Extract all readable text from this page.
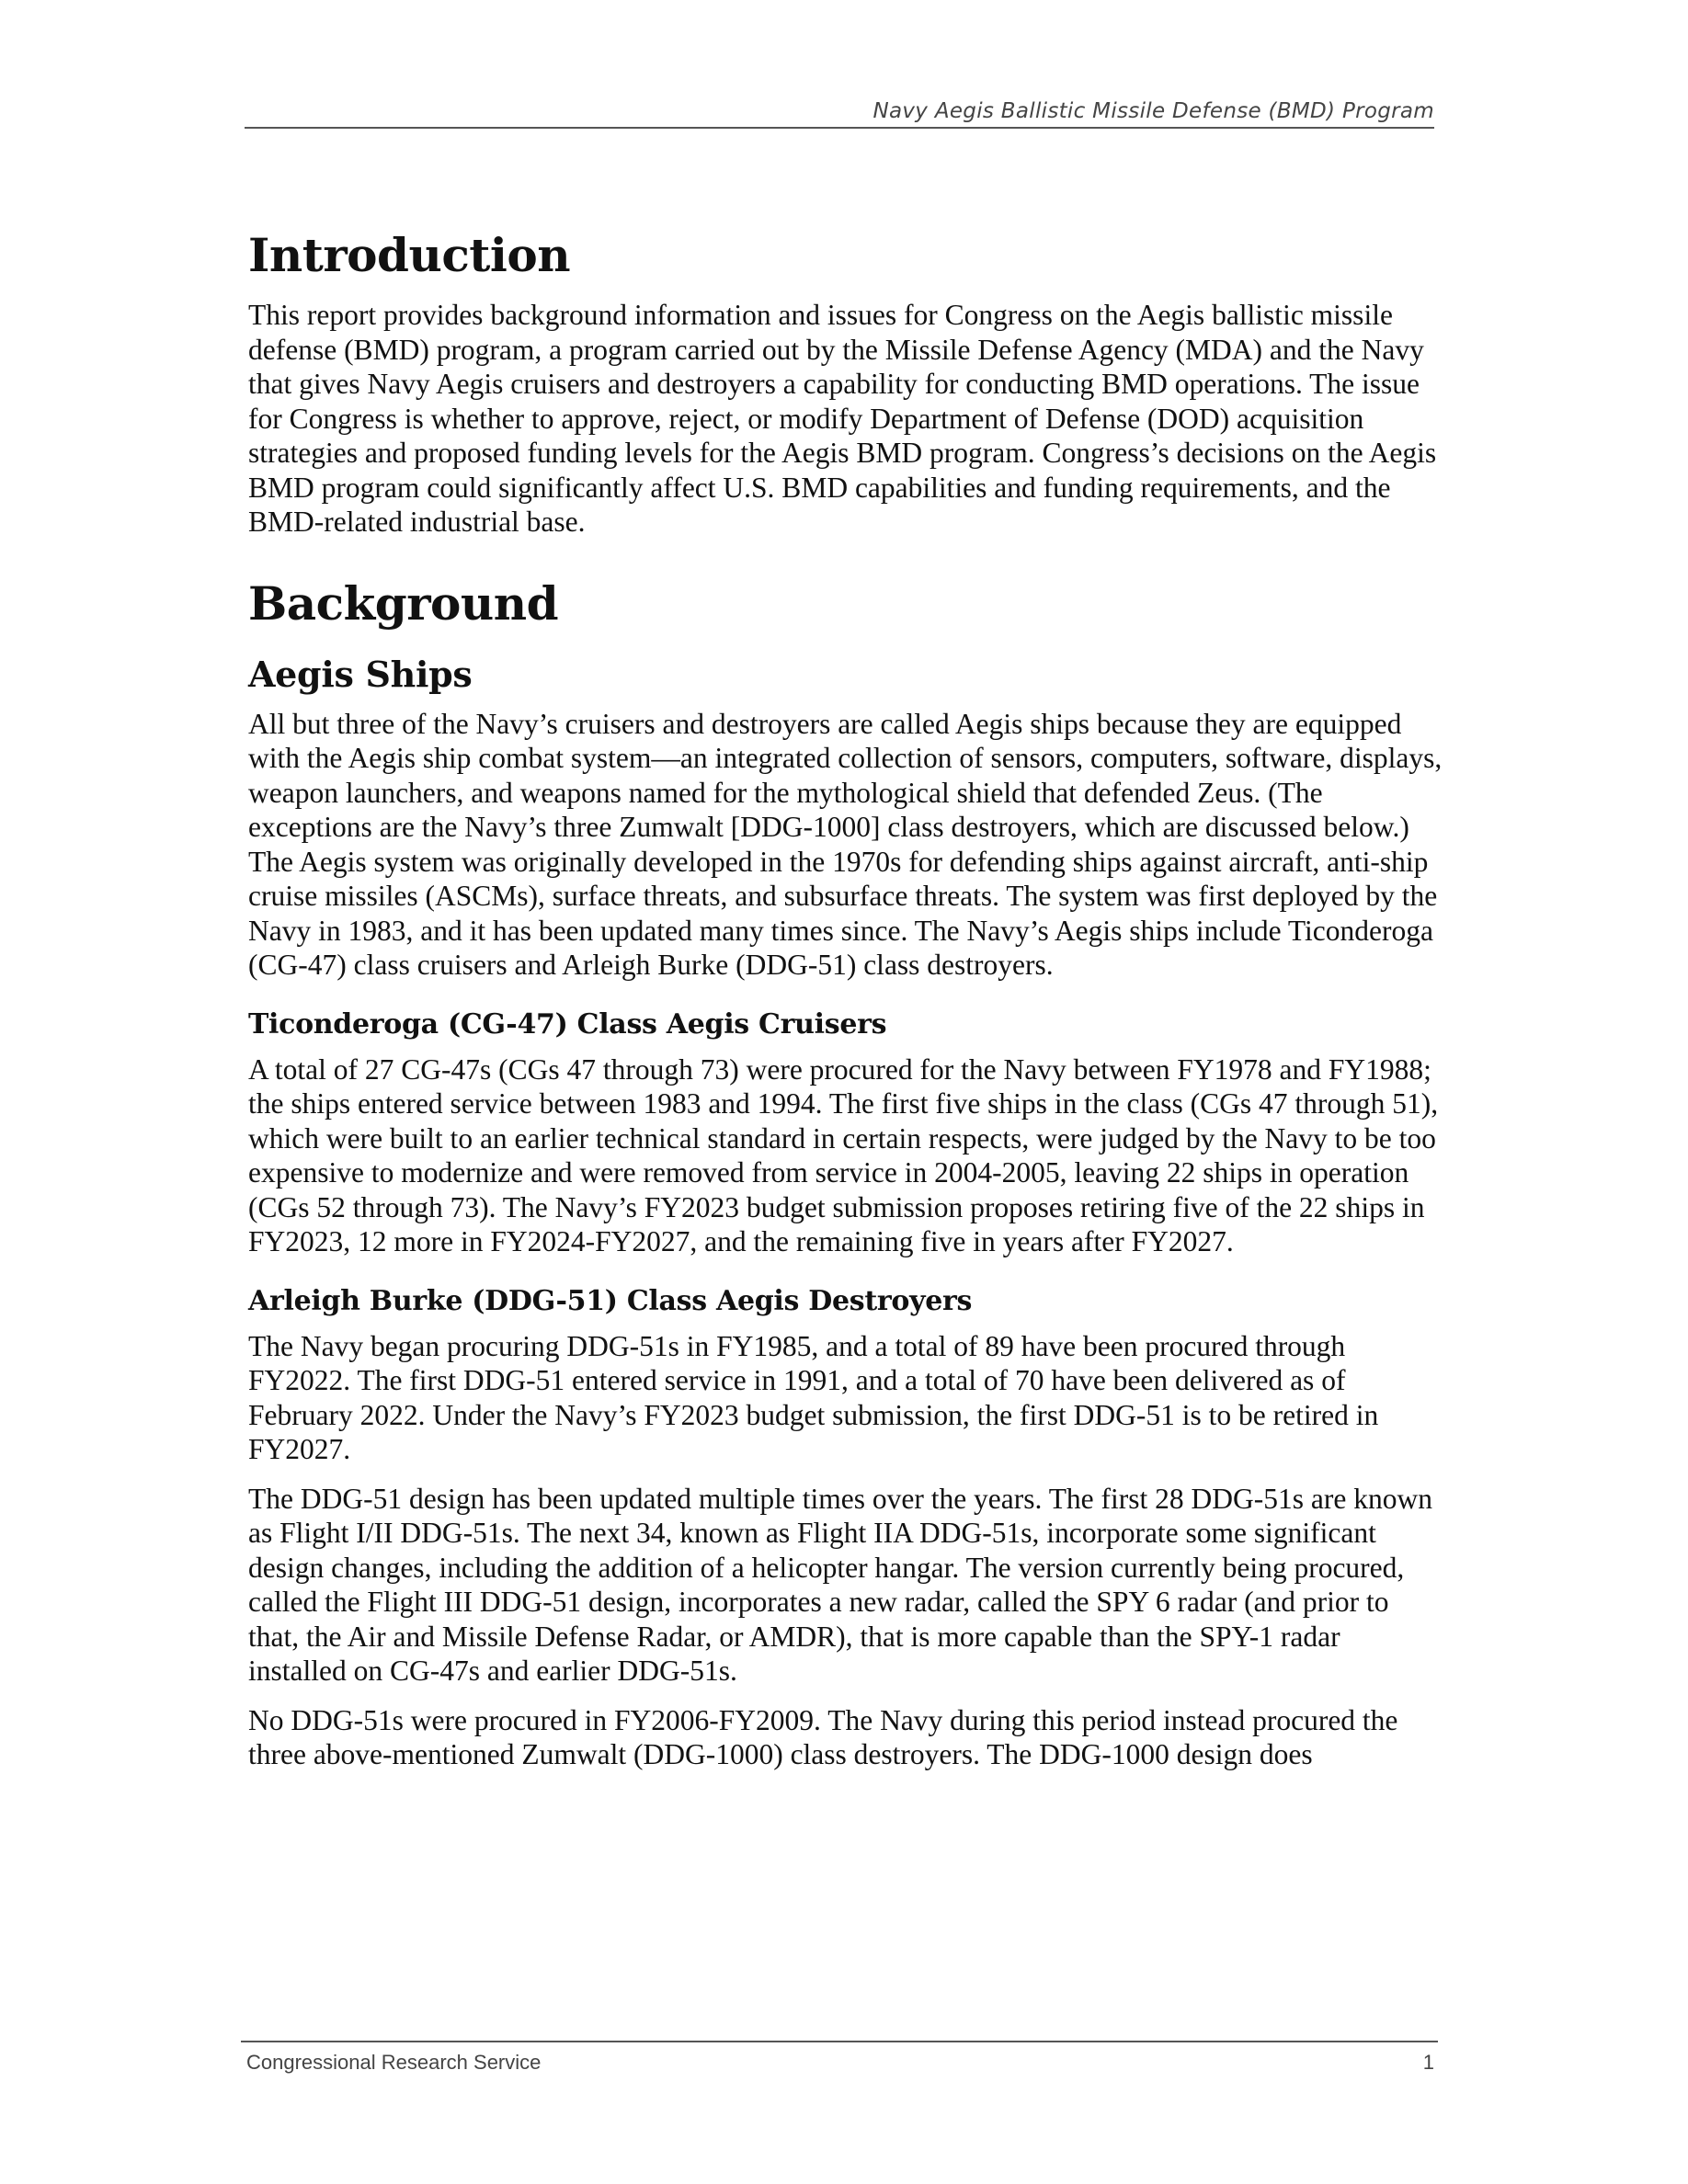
Navy Aegis Ballistic Missile Defense (BMD) Program
Introduction

This report provides background information and issues for Congress on the Aegis ballistic missile defense (BMD) program, a program carried out by the Missile Defense Agency (MDA) and the Navy that gives Navy Aegis cruisers and destroyers a capability for conducting BMD operations. The issue for Congress is whether to approve, reject, or modify Department of Defense (DOD) acquisition strategies and proposed funding levels for the Aegis BMD program. Congress’s decisions on the Aegis BMD program could significantly affect U.S. BMD capabilities and funding requirements, and the BMD-related industrial base.

Background
Aegis Ships

All but three of the Navy’s cruisers and destroyers are called Aegis ships because they are equipped with the Aegis ship combat system—an integrated collection of sensors, computers, software, displays, weapon launchers, and weapons named for the mythological shield that defended Zeus. (The exceptions are the Navy’s three Zumwalt [DDG-1000] class destroyers, which are discussed below.) The Aegis system was originally developed in the 1970s for defending ships against aircraft, anti-ship cruise missiles (ASCMs), surface threats, and subsurface threats. The system was first deployed by the Navy in 1983, and it has been updated many times since. The Navy’s Aegis ships include Ticonderoga (CG-47) class cruisers and Arleigh Burke (DDG-51) class destroyers.

Ticonderoga (CG-47) Class Aegis Cruisers

A total of 27 CG-47s (CGs 47 through 73) were procured for the Navy between FY1978 and FY1988; the ships entered service between 1983 and 1994. The first five ships in the class (CGs 47 through 51), which were built to an earlier technical standard in certain respects, were judged by the Navy to be too expensive to modernize and were removed from service in 2004-2005, leaving 22 ships in operation (CGs 52 through 73). The Navy’s FY2023 budget submission proposes retiring five of the 22 ships in FY2023, 12 more in FY2024-FY2027, and the remaining five in years after FY2027.

Arleigh Burke (DDG-51) Class Aegis Destroyers

The Navy began procuring DDG-51s in FY1985, and a total of 89 have been procured through FY2022. The first DDG-51 entered service in 1991, and a total of 70 have been delivered as of February 2022. Under the Navy’s FY2023 budget submission, the first DDG-51 is to be retired in FY2027.

The DDG-51 design has been updated multiple times over the years. The first 28 DDG-51s are known as Flight I/II DDG-51s. The next 34, known as Flight IIA DDG-51s, incorporate some significant design changes, including the addition of a helicopter hangar. The version currently being procured, called the Flight III DDG-51 design, incorporates a new radar, called the SPY 6 radar (and prior to that, the Air and Missile Defense Radar, or AMDR), that is more capable than the SPY-1 radar installed on CG-47s and earlier DDG-51s.

No DDG-51s were procured in FY2006-FY2009. The Navy during this period instead procured the three above-mentioned Zumwalt (DDG-1000) class destroyers. The DDG-1000 design does

Congressional Research Service	1
